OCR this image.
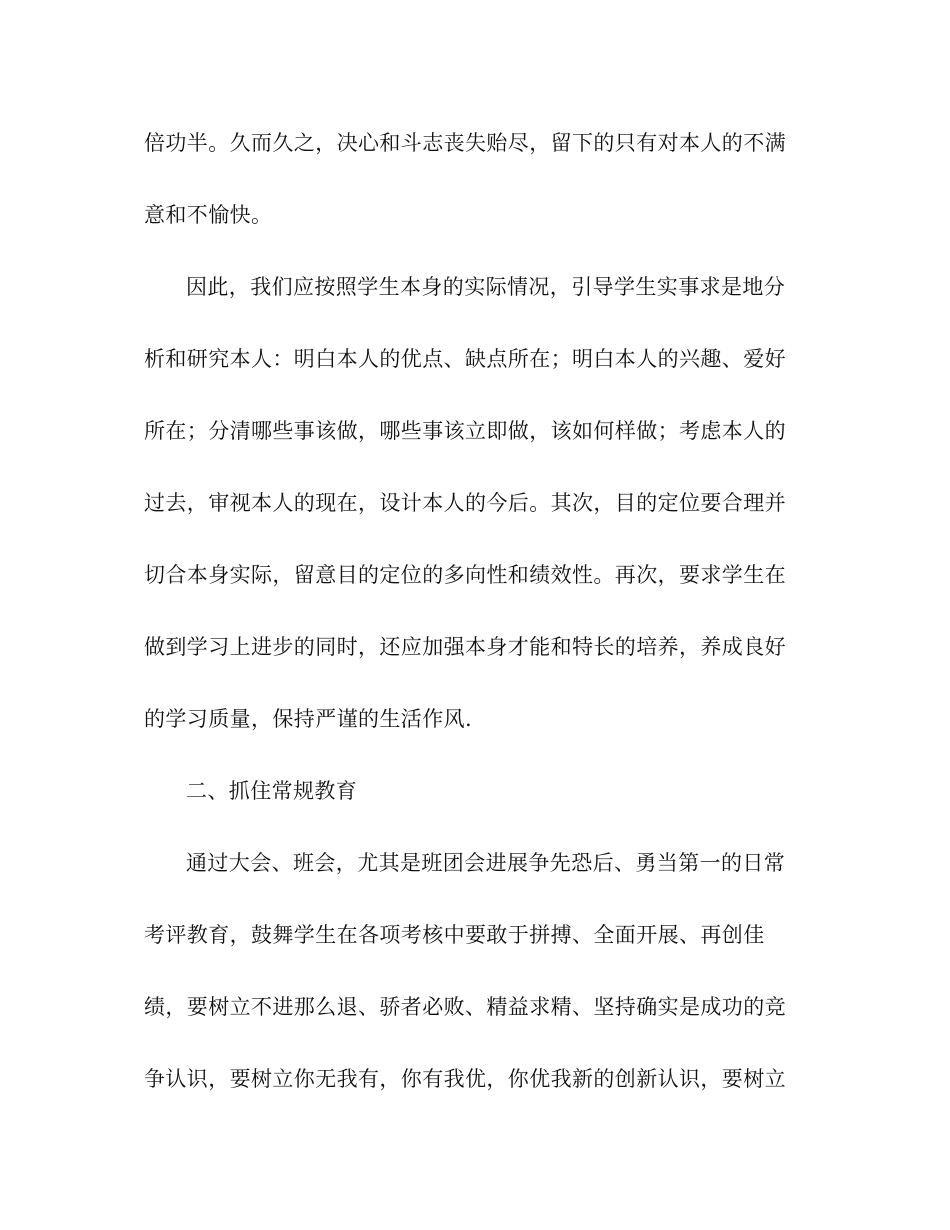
倍功半。久而久之，决心和斗志丧失贻尽，留下的只有对本人的不满
意和不愉快。
因此，我们应按照学生本身的实际情况，引导学生实事求是地分
析和研究本人：明白本人的优点、缺点所在；明白本人的兴趣、爱好
所在；分清哪些事该做，哪些事该立即做，该如何样做；考虑本人的
过去，审视本人的现在，设计本人的今后。其次，目的定位要合理并
切合本身实际，留意目的定位的多向性和绩效性。再次，要求学生在
做到学习上进步的同时，还应加强本身才能和特长的培养，养成良好
的学习质量，保持严谨的生活作风.
二、抓住常规教育
通过大会、班会，尤其是班团会进展争先恐后、勇当第一的日常
考评教育，鼓舞学生在各项考核中要敢于拼搏、全面开展、再创佳
绩，要树立不进那么退、骄者必败、精益求精、坚持确实是成功的竞
争认识，要树立你无我有，你有我优，你优我新的创新认识，要树立
